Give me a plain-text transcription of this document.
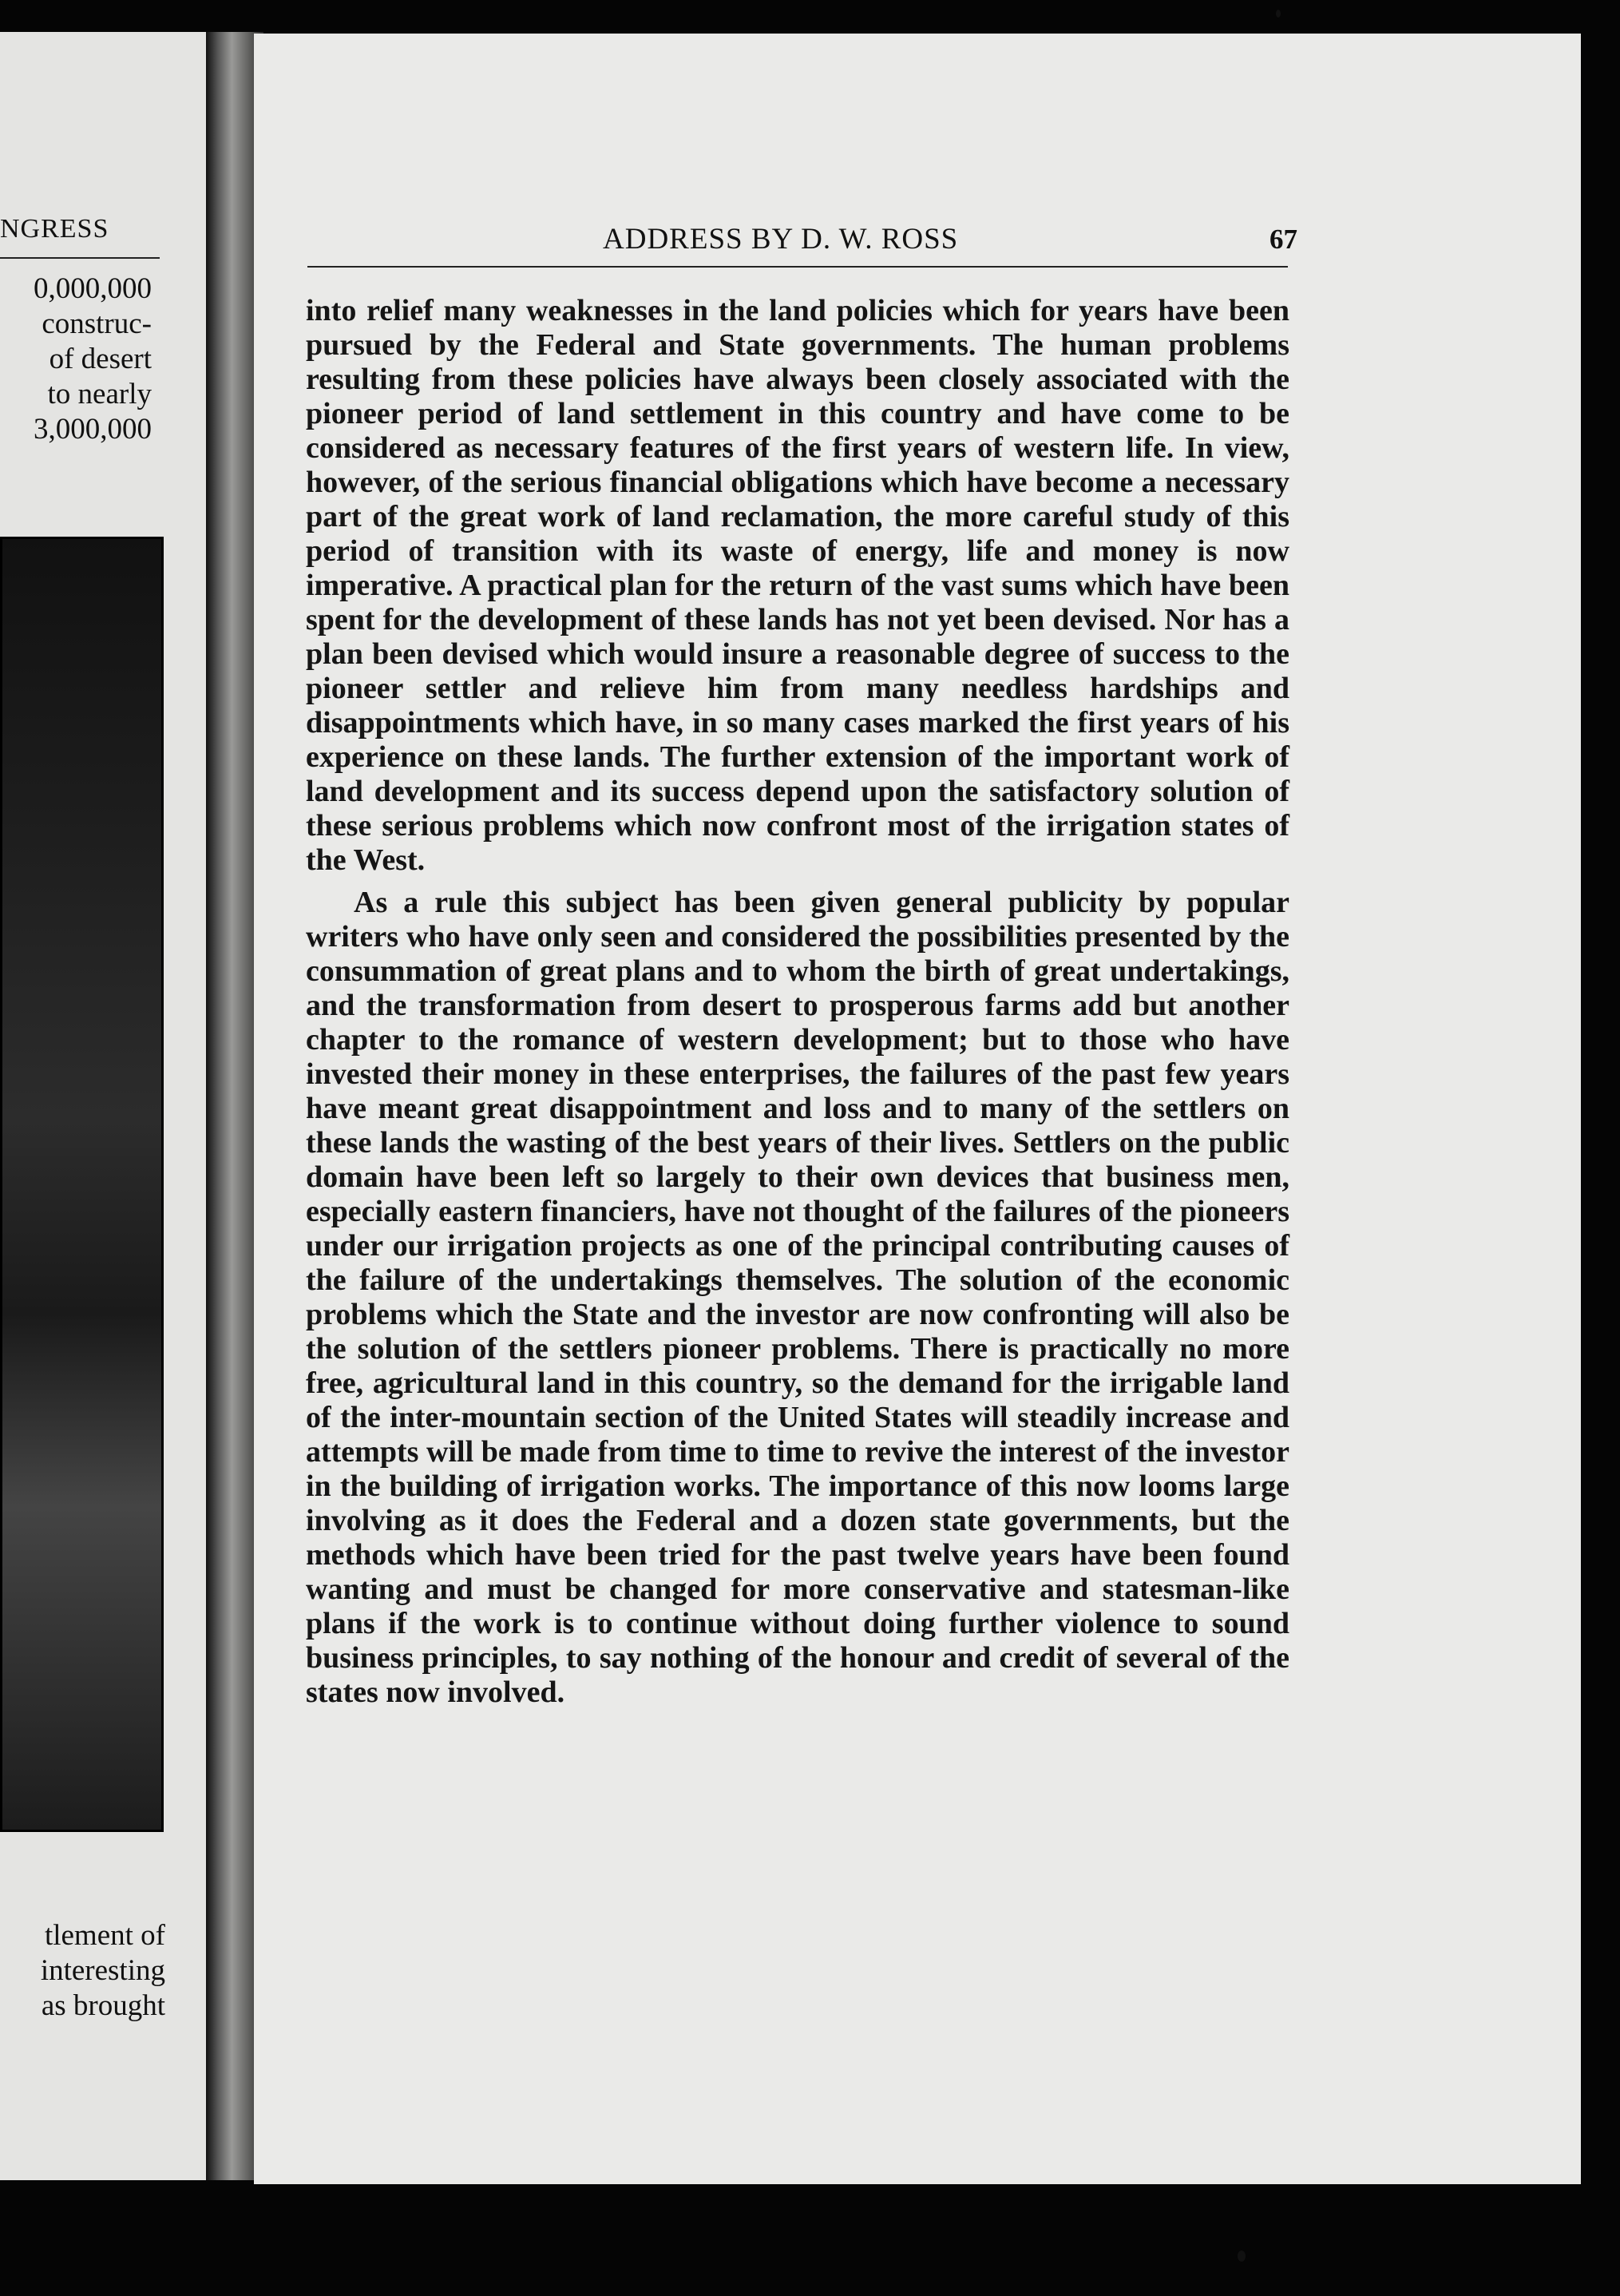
NGRESS
0,000,000
construc-
of desert
to nearly
3,000,000
tlement of
interesting
as brought
ADDRESS BY D. W. ROSS	67

into relief many weaknesses in the land policies which for years have been pursued by the Federal and State governments. The human problems resulting from these policies have always been closely associated with the pioneer period of land settlement in this country and have come to be considered as necessary features of the first years of western life. In view, however, of the serious financial obligations which have become a necessary part of the great work of land reclamation, the more careful study of this period of transition with its waste of energy, life and money is now imperative. A practical plan for the return of the vast sums which have been spent for the development of these lands has not yet been devised. Nor has a plan been devised which would insure a reasonable degree of success to the pioneer settler and relieve him from many needless hardships and disappointments which have, in so many cases marked the first years of his experience on these lands. The further extension of the important work of land development and its success depend upon the satisfactory solution of these serious problems which now confront most of the irrigation states of the West.

As a rule this subject has been given general publicity by popular writers who have only seen and considered the possibilities presented by the consummation of great plans and to whom the birth of great undertakings, and the transformation from desert to prosperous farms add but another chapter to the romance of western development; but to those who have invested their money in these enterprises, the failures of the past few years have meant great disappointment and loss and to many of the settlers on these lands the wasting of the best years of their lives. Settlers on the public domain have been left so largely to their own devices that business men, especially eastern financiers, have not thought of the failures of the pioneers under our irrigation projects as one of the principal contributing causes of the failure of the undertakings themselves. The solution of the economic problems which the State and the investor are now confronting will also be the solution of the settlers pioneer problems. There is practically no more free, agricultural land in this country, so the demand for the irrigable land of the inter-mountain section of the United States will steadily increase and attempts will be made from time to time to revive the interest of the investor in the building of irrigation works. The importance of this now looms large involving as it does the Federal and a dozen state governments, but the methods which have been tried for the past twelve years have been found wanting and must be changed for more conservative and statesman-like plans if the work is to continue without doing further violence to sound business principles, to say nothing of the honour and credit of several of the states now involved.
